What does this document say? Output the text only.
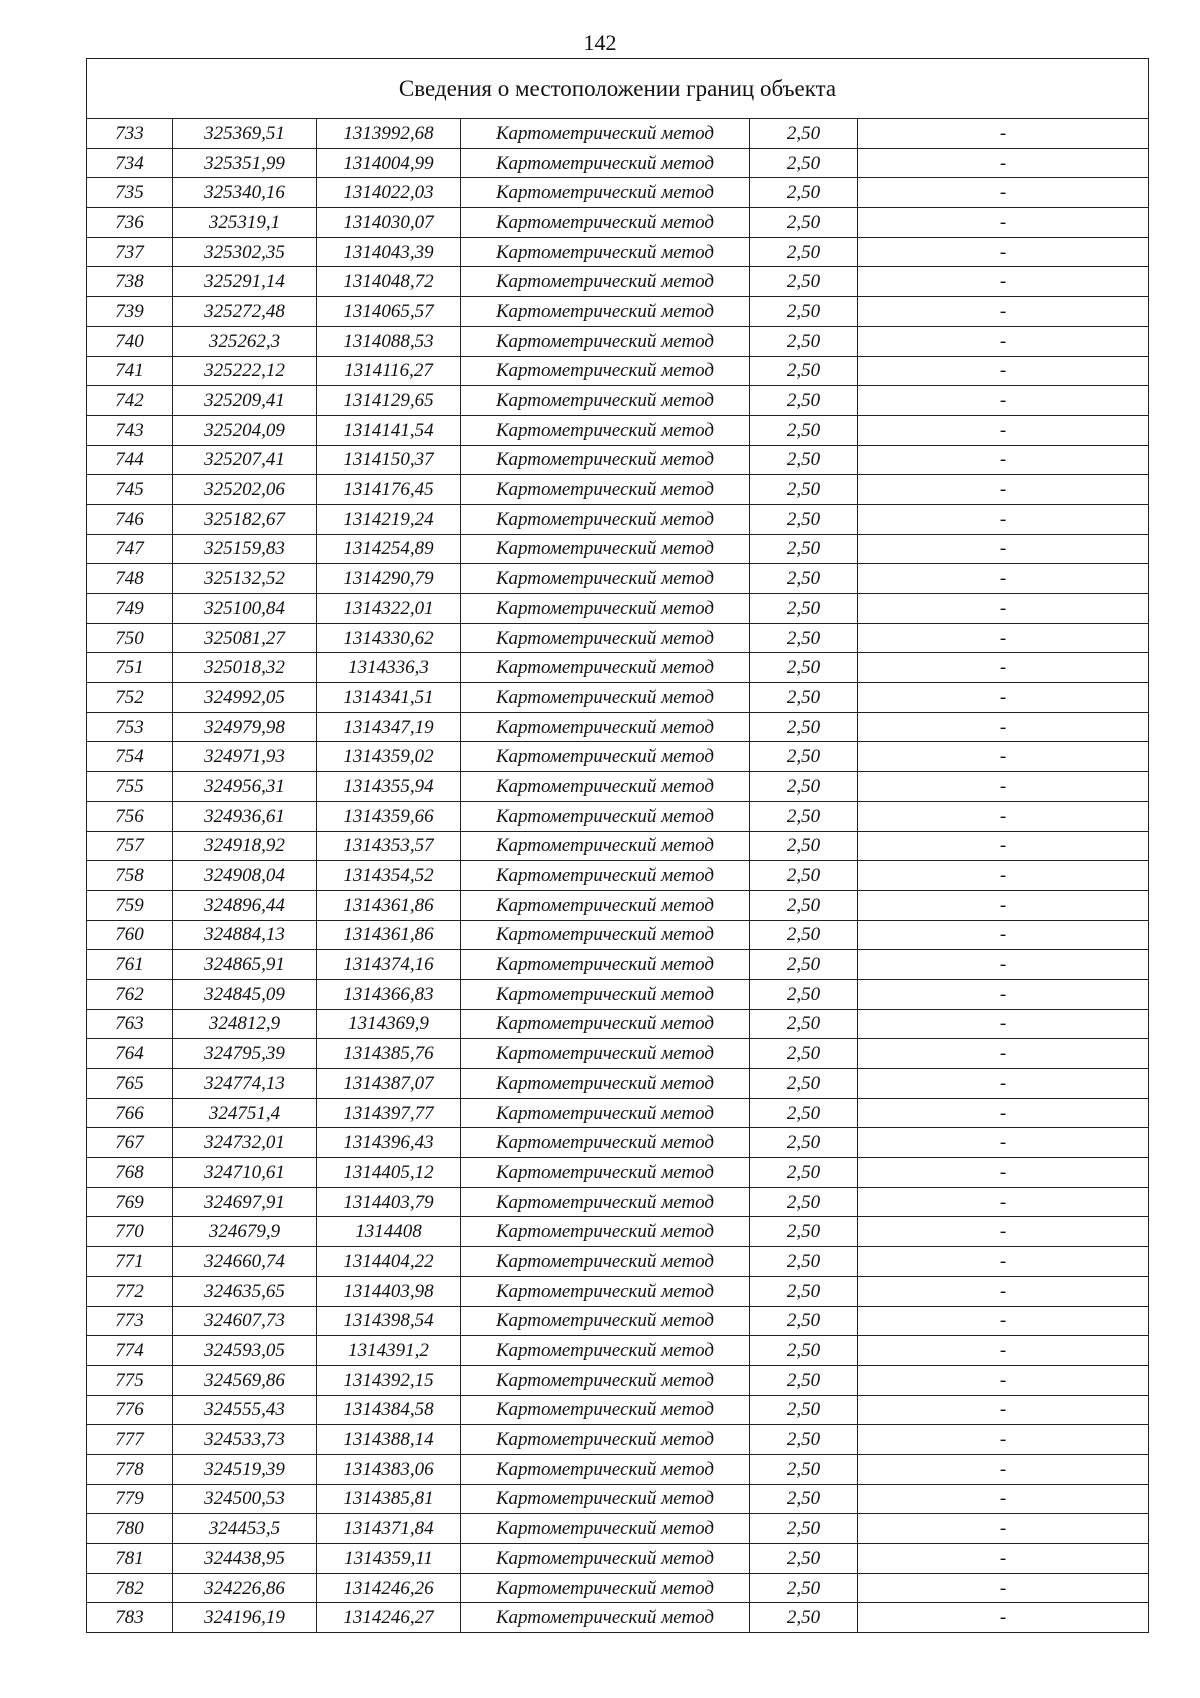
142
Сведения о местоположении границ объекта					
733	325369,51	1313992,68	Картометрический метод	2,50	-
734	325351,99	1314004,99	Картометрический метод	2,50	-
735	325340,16	1314022,03	Картометрический метод	2,50	-
736	325319,1	1314030,07	Картометрический метод	2,50	-
737	325302,35	1314043,39	Картометрический метод	2,50	-
738	325291,14	1314048,72	Картометрический метод	2,50	-
739	325272,48	1314065,57	Картометрический метод	2,50	-
740	325262,3	1314088,53	Картометрический метод	2,50	-
741	325222,12	1314116,27	Картометрический метод	2,50	-
742	325209,41	1314129,65	Картометрический метод	2,50	-
743	325204,09	1314141,54	Картометрический метод	2,50	-
744	325207,41	1314150,37	Картометрический метод	2,50	-
745	325202,06	1314176,45	Картометрический метод	2,50	-
746	325182,67	1314219,24	Картометрический метод	2,50	-
747	325159,83	1314254,89	Картометрический метод	2,50	-
748	325132,52	1314290,79	Картометрический метод	2,50	-
749	325100,84	1314322,01	Картометрический метод	2,50	-
750	325081,27	1314330,62	Картометрический метод	2,50	-
751	325018,32	1314336,3	Картометрический метод	2,50	-
752	324992,05	1314341,51	Картометрический метод	2,50	-
753	324979,98	1314347,19	Картометрический метод	2,50	-
754	324971,93	1314359,02	Картометрический метод	2,50	-
755	324956,31	1314355,94	Картометрический метод	2,50	-
756	324936,61	1314359,66	Картометрический метод	2,50	-
757	324918,92	1314353,57	Картометрический метод	2,50	-
758	324908,04	1314354,52	Картометрический метод	2,50	-
759	324896,44	1314361,86	Картометрический метод	2,50	-
760	324884,13	1314361,86	Картометрический метод	2,50	-
761	324865,91	1314374,16	Картометрический метод	2,50	-
762	324845,09	1314366,83	Картометрический метод	2,50	-
763	324812,9	1314369,9	Картометрический метод	2,50	-
764	324795,39	1314385,76	Картометрический метод	2,50	-
765	324774,13	1314387,07	Картометрический метод	2,50	-
766	324751,4	1314397,77	Картометрический метод	2,50	-
767	324732,01	1314396,43	Картометрический метод	2,50	-
768	324710,61	1314405,12	Картометрический метод	2,50	-
769	324697,91	1314403,79	Картометрический метод	2,50	-
770	324679,9	1314408	Картометрический метод	2,50	-
771	324660,74	1314404,22	Картометрический метод	2,50	-
772	324635,65	1314403,98	Картометрический метод	2,50	-
773	324607,73	1314398,54	Картометрический метод	2,50	-
774	324593,05	1314391,2	Картометрический метод	2,50	-
775	324569,86	1314392,15	Картометрический метод	2,50	-
776	324555,43	1314384,58	Картометрический метод	2,50	-
777	324533,73	1314388,14	Картометрический метод	2,50	-
778	324519,39	1314383,06	Картометрический метод	2,50	-
779	324500,53	1314385,81	Картометрический метод	2,50	-
780	324453,5	1314371,84	Картометрический метод	2,50	-
781	324438,95	1314359,11	Картометрический метод	2,50	-
782	324226,86	1314246,26	Картометрический метод	2,50	-
783	324196,19	1314246,27	Картометрический метод	2,50	-
